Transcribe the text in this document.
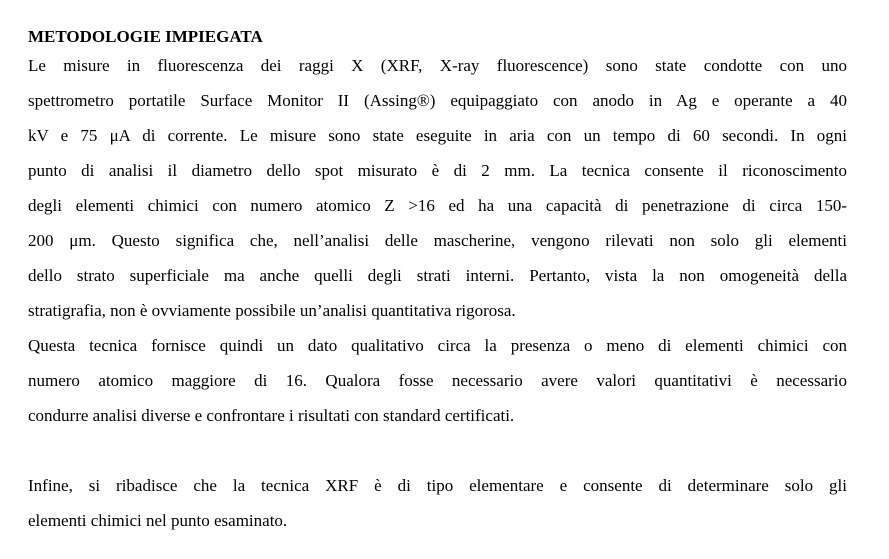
METODOLOGIE IMPIEGATA
Le misure in fluorescenza dei raggi X (XRF, X-ray fluorescence) sono state condotte con uno
spettrometro portatile Surface Monitor II (Assing®) equipaggiato con anodo in Ag e operante a 40
kV e 75 μA di corrente. Le misure sono state eseguite in aria con un tempo di 60 secondi. In ogni
punto di analisi il diametro dello spot misurato è di 2 mm. La tecnica consente il riconoscimento
degli elementi chimici con numero atomico Z >16 ed ha una capacità di penetrazione di circa 150-
200 μm. Questo significa che, nell’analisi delle mascherine, vengono rilevati non solo gli elementi
dello strato superficiale ma anche quelli degli strati interni. Pertanto, vista la non omogeneità della
stratigrafia, non è ovviamente possibile un’analisi quantitativa rigorosa.
Questa tecnica fornisce quindi un dato qualitativo circa la presenza o meno di elementi chimici con
numero atomico maggiore di 16. Qualora fosse necessario avere valori quantitativi è necessario
condurre analisi diverse e confrontare i risultati con standard certificati.
Infine, si ribadisce che la tecnica XRF è di tipo elementare e consente di determinare solo gli
elementi chimici nel punto esaminato.
